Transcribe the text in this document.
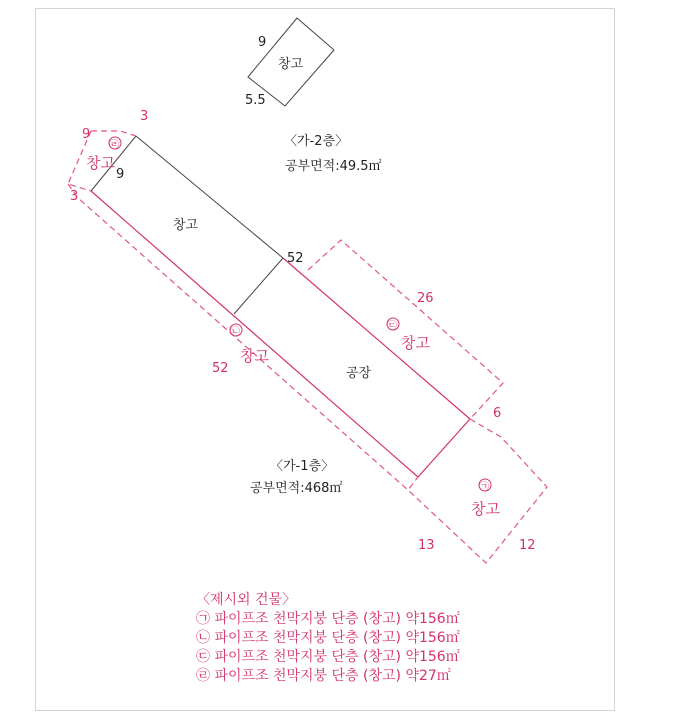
창고
9
5.5
〈가-2층〉
공부면적:49.5㎡
창고
9
52
공장
52
9
3
3
㉣
창고
㉡
창고
26
6
㉢
창고
13	12
㉠
창고
〈가-1층〉
공부면적:468㎡
〈제시외 건물〉
㉠ 파이프조 천막지붕 단층 (창고) 약156㎡
㉡ 파이프조 천막지붕 단층 (창고) 약156㎡
㉢ 파이프조 천막지붕 단층 (창고) 약156㎡
㉣ 파이프조 천막지붕 단층 (창고) 약27㎡
